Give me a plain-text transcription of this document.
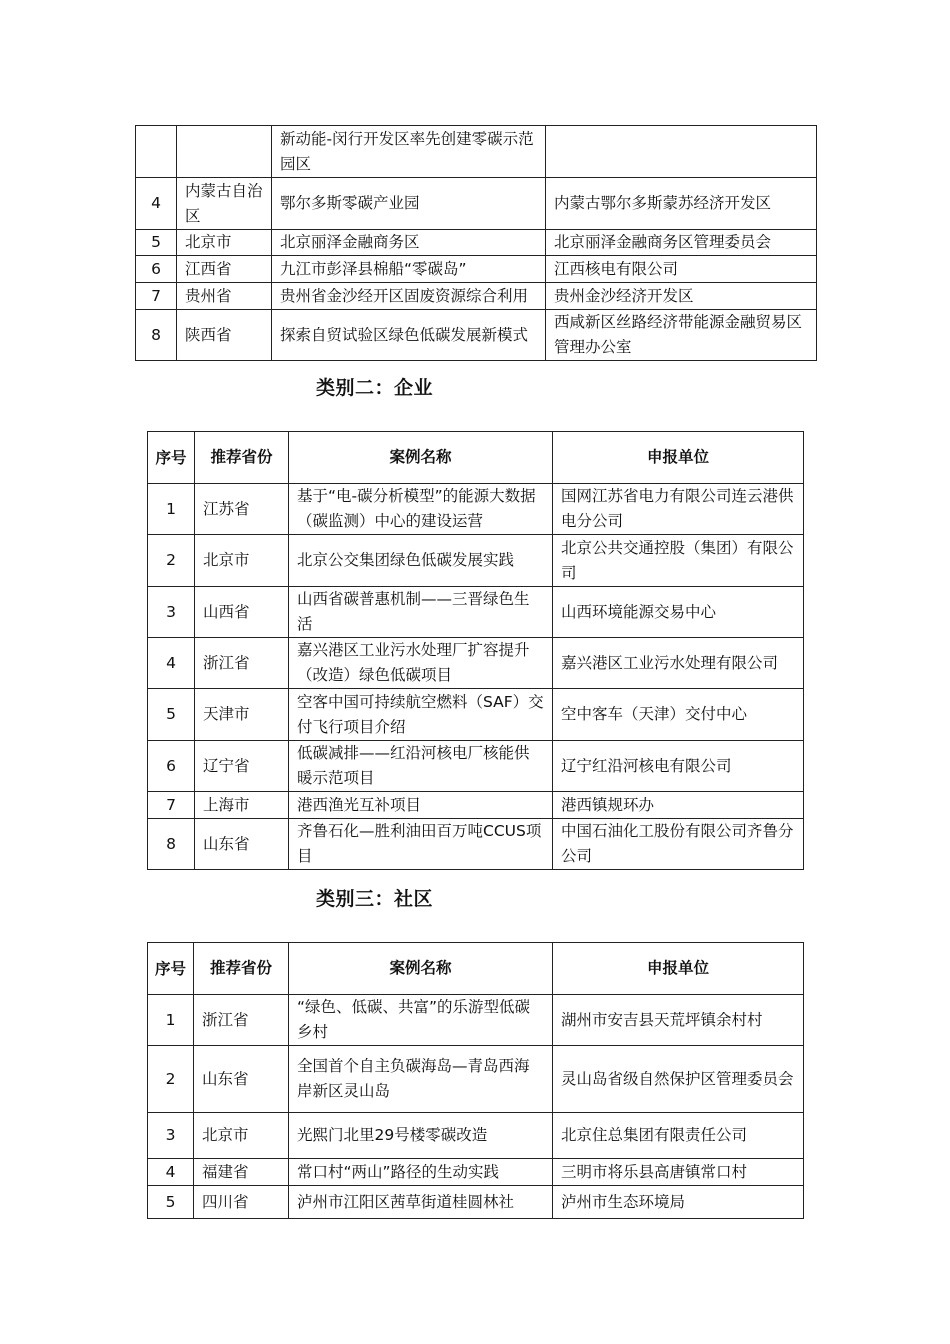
		新动能-闵行开发区率先创建零碳示范园区	
4	内蒙古自治区	鄂尔多斯零碳产业园	内蒙古鄂尔多斯蒙苏经济开发区
5	北京市	北京丽泽金融商务区	北京丽泽金融商务区管理委员会
6	江西省	九江市彭泽县棉船“零碳岛”	江西核电有限公司
7	贵州省	贵州省金沙经开区固废资源综合利用	贵州金沙经济开发区
8	陕西省	探索自贸试验区绿色低碳发展新模式	西咸新区丝路经济带能源金融贸易区管理办公室
类别二：企业
序号	推荐省份	案例名称	申报单位
1	江苏省	基于“电-碳分析模型”的能源大数据（碳监测）中心的建设运营	国网江苏省电力有限公司连云港供电分公司
2	北京市	北京公交集团绿色低碳发展实践	北京公共交通控股（集团）有限公司
3	山西省	山西省碳普惠机制——三晋绿色生活	山西环境能源交易中心
4	浙江省	嘉兴港区工业污水处理厂扩容提升（改造）绿色低碳项目	嘉兴港区工业污水处理有限公司
5	天津市	空客中国可持续航空燃料（SAF）交付飞行项目介绍	空中客车（天津）交付中心
6	辽宁省	低碳减排——红沿河核电厂核能供暖示范项目	辽宁红沿河核电有限公司
7	上海市	港西渔光互补项目	港西镇规环办
8	山东省	齐鲁石化—胜利油田百万吨CCUS项目	中国石油化工股份有限公司齐鲁分公司
类别三：社区
序号	推荐省份	案例名称	申报单位
1	浙江省	“绿色、低碳、共富”的乐游型低碳乡村	湖州市安吉县天荒坪镇余村村
2	山东省	全国首个自主负碳海岛—青岛西海岸新区灵山岛	灵山岛省级自然保护区管理委员会
3	北京市	光熙门北里29号楼零碳改造	北京住总集团有限责任公司
4	福建省	常口村“两山”路径的生动实践	三明市将乐县高唐镇常口村
5	四川省	泸州市江阳区茜草街道桂圆林社	泸州市生态环境局
